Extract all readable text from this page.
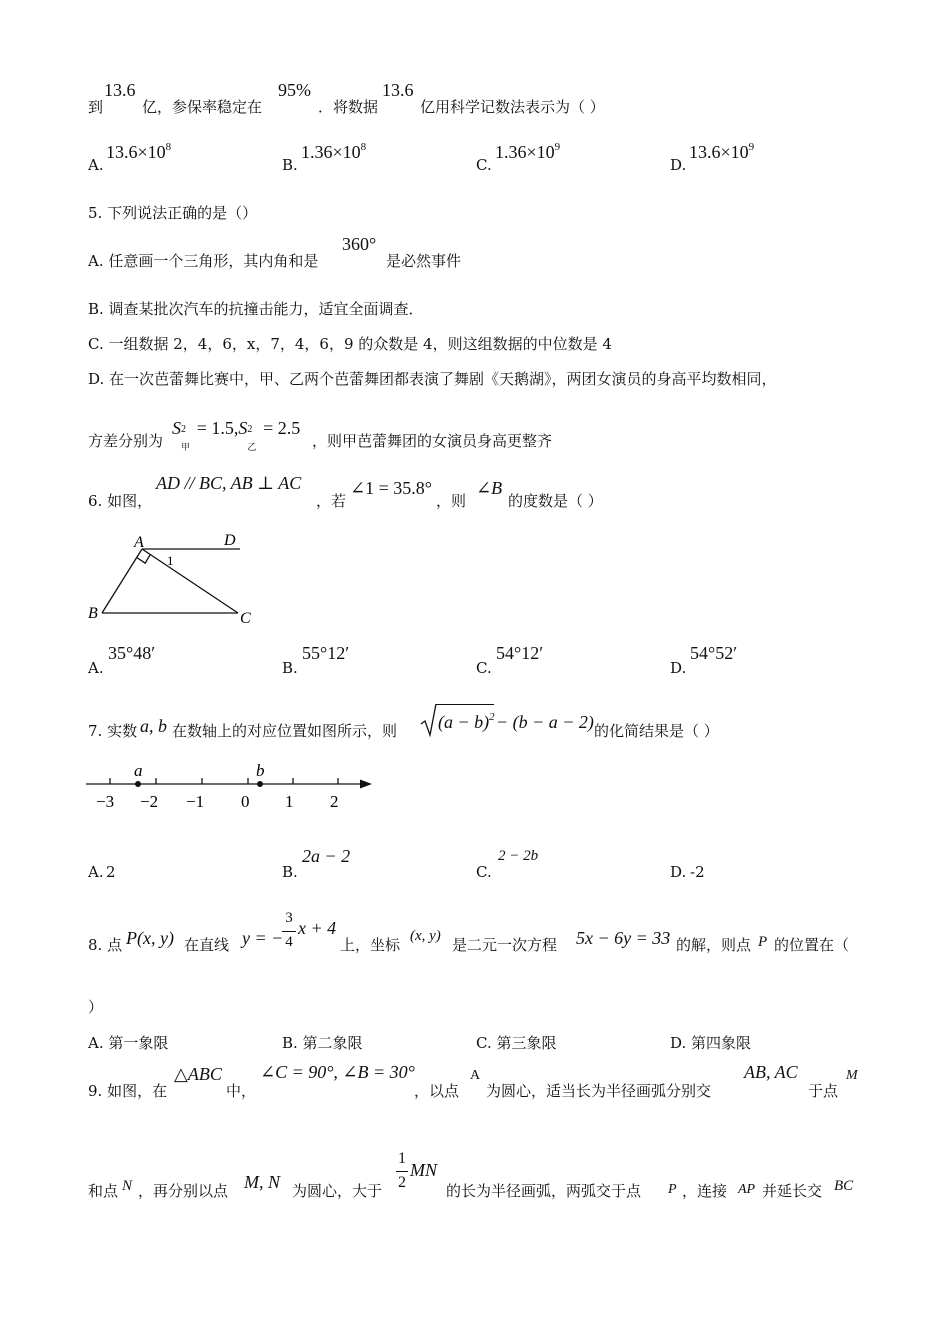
到
13.6
亿，参保率稳定在
95%
．将数据
13.6
亿用科学记数法表示为（ ）
A.
$13.6\times 10^8$
B.
$1.36\times 10^8$
C.
$1.36\times 10^9$
D.
$13.6\times 10^9$
5. 下列说法正确的是（）
A. 任意画一个三角形，其内角和是
360°
是必然事件
B. 调查某批次汽车的抗撞击能力，适宜全面调查．
C. 一组数据 2，4，6，x，7，4，6，9 的众数是 4，则这组数据的中位数是 4
D. 在一次芭蕾舞比赛中，甲、乙两个芭蕾舞团都表演了舞剧《天鹅湖》，两团女演员的身高平均数相同，
方差分别为
S 2
甲
= 1.5,S 2
乙
= 2.5
，则甲芭蕾舞团的女演员身高更整齐
6. 如图，
AD // BC, AB ⊥ AC
，若
∠1 = 35.8°
，则
∠B
的度数是（ ）
A	D
B	C
1
A.
35°48′
B.
55°12′
C.
54°12′
D.
54°52′
7. 实数 a, b 在数轴上的对应位置如图所示，则 $(a - b)^2 - (b - a - 2)$ 的化简结果是（ ）
a	b
−3 −2 −1 0 1 2
A. 2	B.
2a − 2
C.
2 − 2b
D. -2
8. 点 P(x, y) 在直线 y = −
3
4
x + 4
上，坐标 (x, y) 是二元一次方程 5x − 6y = 33 的解，则点 P 的位置在（
）
A. 第一象限	B. 第二象限	C. 第三象限	D. 第四象限
9. 如图，在
△ABC
中，
∠C = 90°, ∠B = 30°
，以点
A
为圆心，适当长为半径画弧分别交
AB, AC
于点
M
和点 N ，再分别以点 M, N 为圆心，大于
1
2
MN
的长为半径画弧，两弧交于点 P ，连接 AP 并延长交 BC
